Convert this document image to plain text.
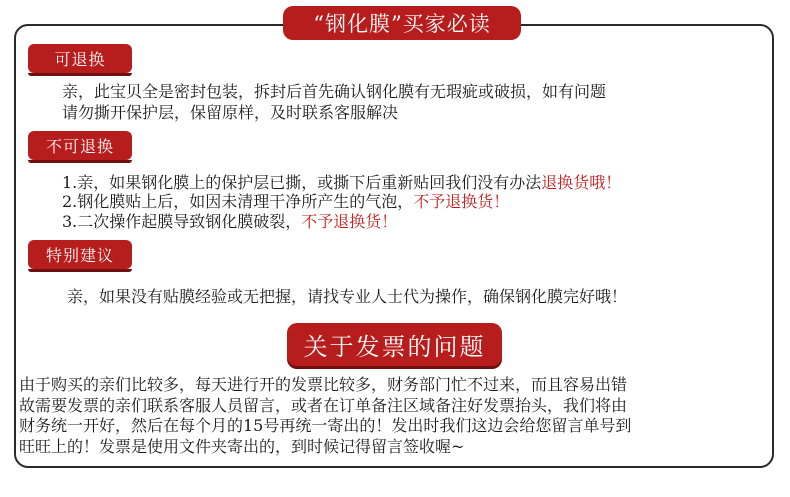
“钢化膜”买家必读
可退换
亲，此宝贝全是密封包装，拆封后首先确认钢化膜有无瑕疵或破损，如有问题
请勿撕开保护层，保留原样，及时联系客服解决
不可退换
1.亲，如果钢化膜上的保护层已撕，或撕下后重新贴回我们没有办法退换货哦！
2.钢化膜贴上后，如因未清理干净所产生的气泡，不予退换货！
3.二次操作起膜导致钢化膜破裂，不予退换货！
特别建议
亲，如果没有贴膜经验或无把握，请找专业人士代为操作，确保钢化膜完好哦！
关于发票的问题
由于购买的亲们比较多，每天进行开的发票比较多，财务部门忙不过来，而且容易出错
故需要发票的亲们联系客服人员留言，或者在订单备注区域备注好发票抬头，我们将由
财务统一开好，然后在每个月的15号再统一寄出的！发出时我们这边会给您留言单号到
旺旺上的！发票是使用文件夹寄出的，到时候记得留言签收喔~
